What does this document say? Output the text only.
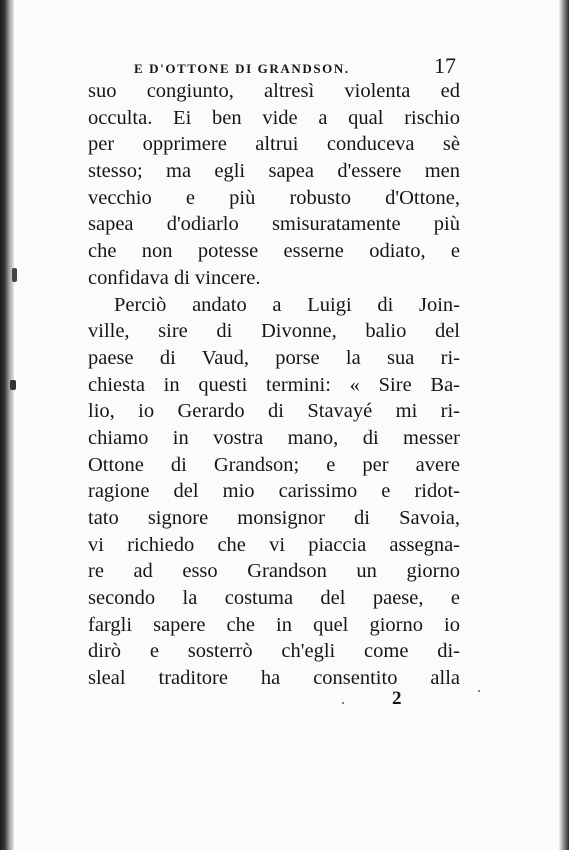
E D'OTTONE DI GRANDSON.	17
suo congiunto, altresì violenta ed
occulta. Ei ben vide a qual rischio
per opprimere altrui conduceva sè
stesso; ma egli sapea d'essere men
vecchio e più robusto d'Ottone,
sapea d'odiarlo smisuratamente più
che non potesse esserne odiato, e
confidava di vincere.
Perciò andato a Luigi di Join-
ville, sire di Divonne, balio del
paese di Vaud, porse la sua ri-
chiesta in questi termini: « Sire Ba-
lio, io Gerardo di Stavayé mi ri-
chiamo in vostra mano, di messer
Ottone di Grandson; e per avere
ragione del mio carissimo e ridot-
tato signore monsignor di Savoia,
vi richiedo che vi piaccia assegna-
re ad esso Grandson un giorno
secondo la costuma del paese, e
fargli sapere che in quel giorno io
dirò e sosterrò ch'egli come di-
sleal traditore ha consentito alla
2
